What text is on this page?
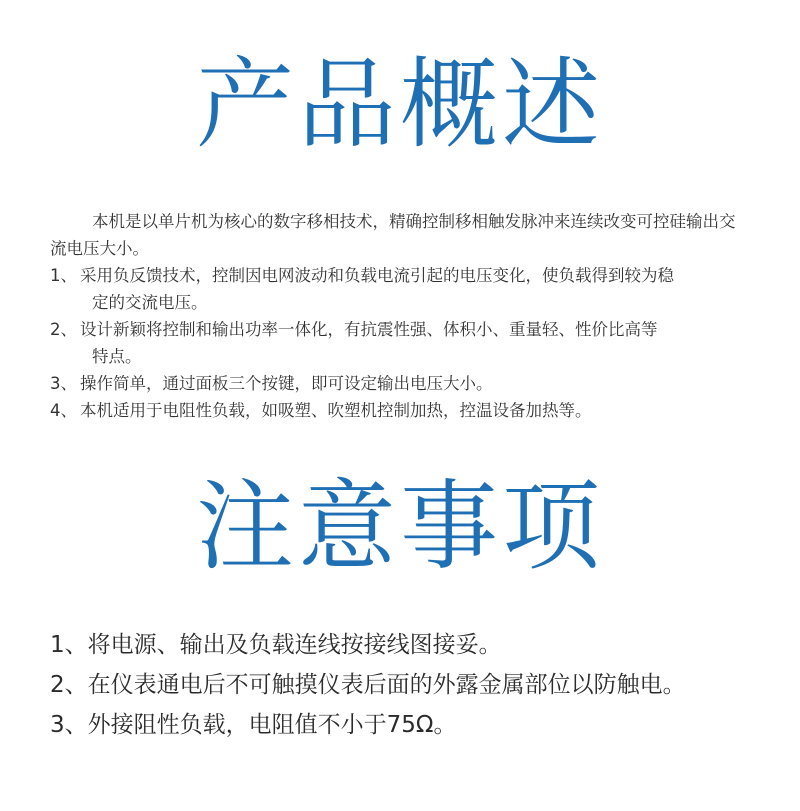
产品概述

本机是以单片机为核心的数字移相技术，精确控制移相触发脉冲来连续改变可控硅输出交流电压大小。

1、 采用负反馈技术，控制因电网波动和负载电流引起的电压变化，使负载得到较为稳

定的交流电压。

2、 设计新颖将控制和输出功率一体化，有抗震性强、体积小、重量轻、性价比高等

特点。

3、 操作简单，通过面板三个按键，即可设定输出电压大小。

4、 本机适用于电阻性负载，如吸塑、吹塑机控制加热，控温设备加热等。

注意事项

1、将电源、输出及负载连线按接线图接妥。

2、在仪表通电后不可触摸仪表后面的外露金属部位以防触电。

3、外接阻性负载，电阻值不小于75Ω。
